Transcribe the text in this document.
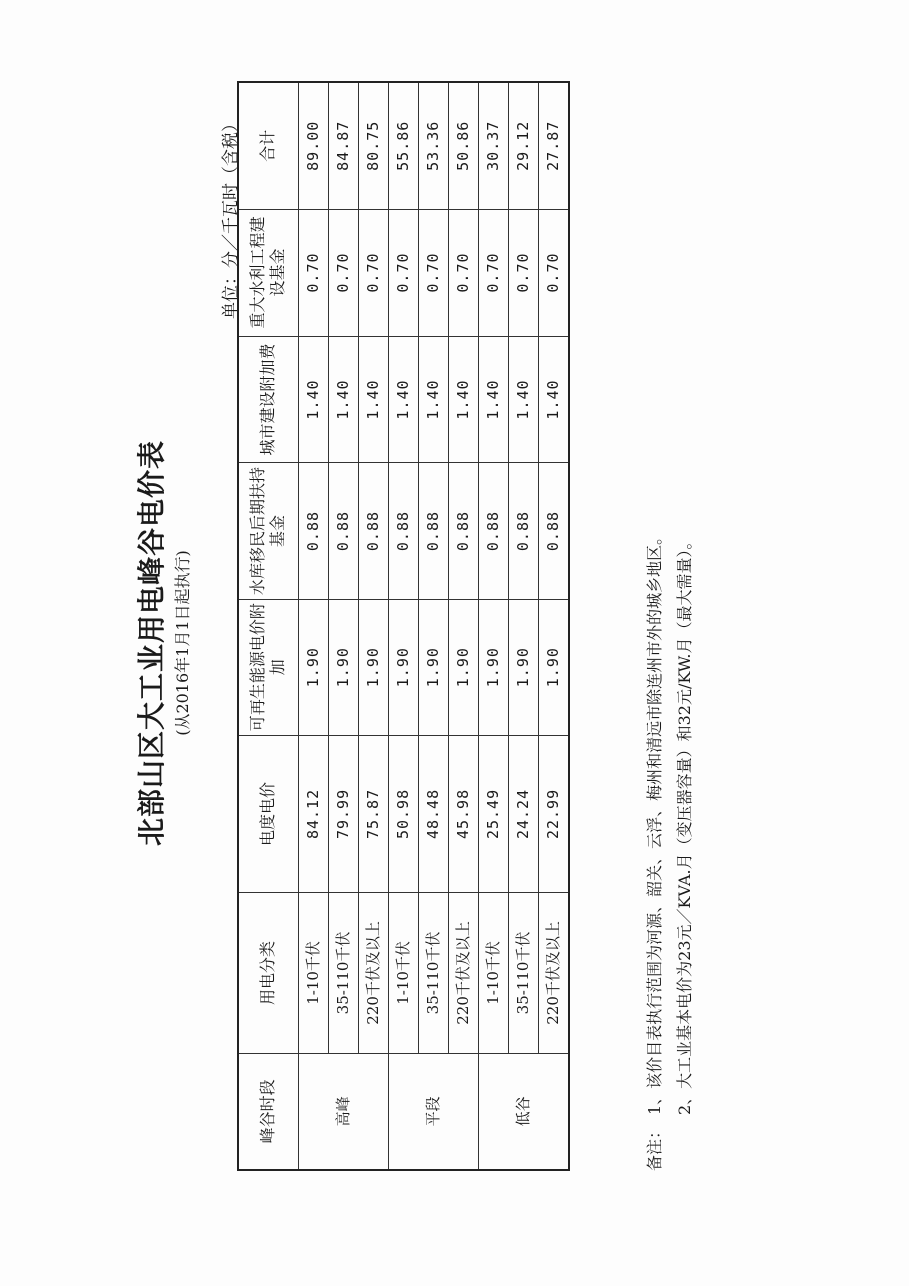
北部山区大工业用电峰谷电价表 (从2016年1月1日起执行)
单位：分／千瓦时（含税）
峰谷时段	用电分类	电度电价	可再生能源电价附加	水库移民后期扶持基金	城市建设附加费	重大水利工程建设基金	合计
高峰	1-10千伏	84.12	1.90	0.88	1.40	0.70	89.00
	35-110千伏	79.99	1.90	0.88	1.40	0.70	84.87
	220千伏及以上	75.87	1.90	0.88	1.40	0.70	80.75
平段	1-10千伏	50.98	1.90	0.88	1.40	0.70	55.86
	35-110千伏	48.48	1.90	0.88	1.40	0.70	53.36
	220千伏及以上	45.98	1.90	0.88	1.40	0.70	50.86
低谷	1-10千伏	25.49	1.90	0.88	1.40	0.70	30.37
	35-110千伏	24.24	1.90	0.88	1.40	0.70	29.12
	220千伏及以上	22.99	1.90	0.88	1.40	0.70	27.87
备注：1、该价目表执行范围为河源、韶关、云浮、梅州和清远市除连州市外的城乡地区。 2、大工业基本电价为23元／KVA.月（变压器容量）和32元/KW.月（最大需量）。
